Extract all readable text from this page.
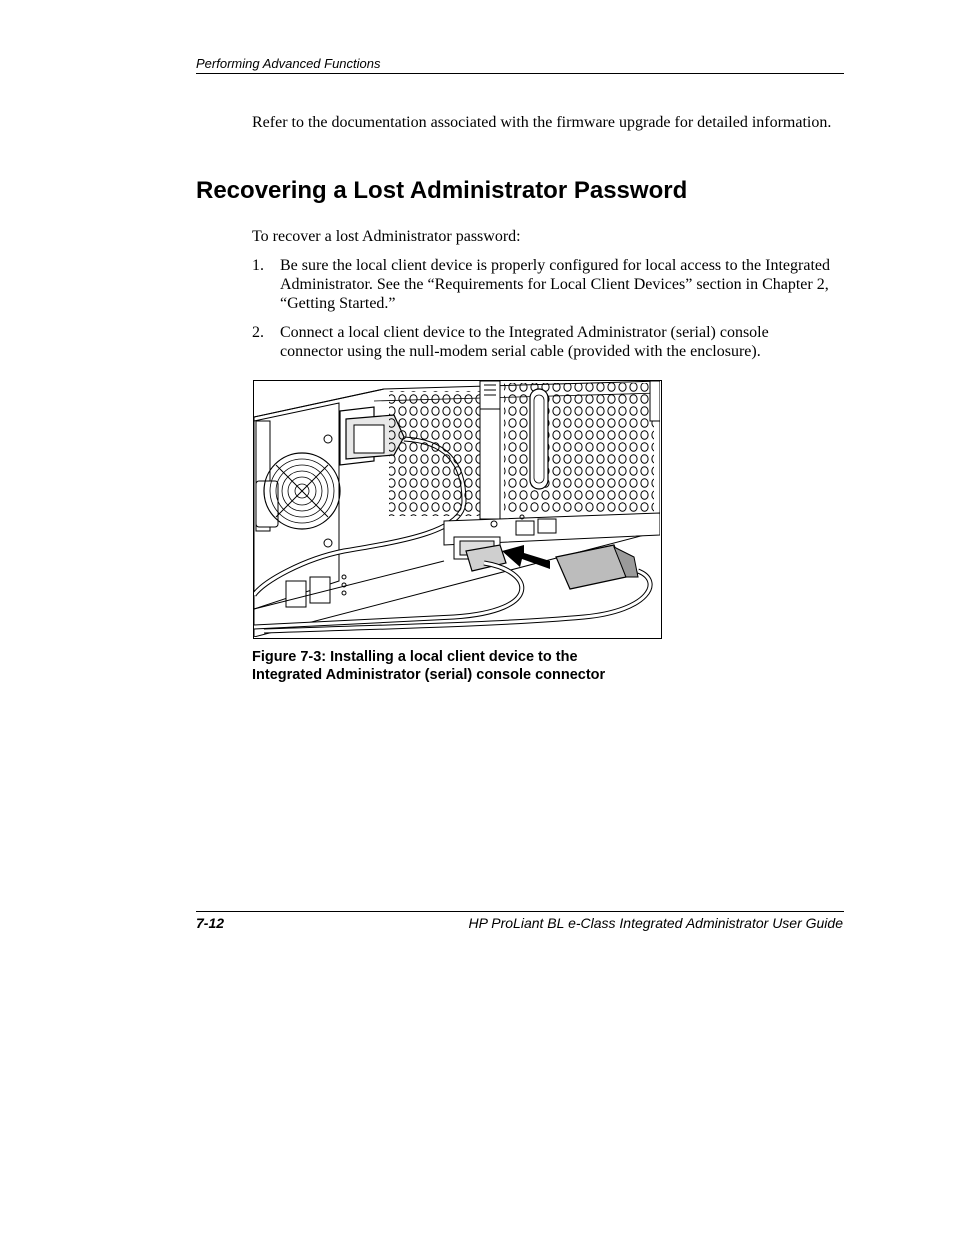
Performing Advanced Functions
Refer to the documentation associated with the firmware upgrade for detailed information.
Recovering a Lost Administrator Password
To recover a lost Administrator password:
1. Be sure the local client device is properly configured for local access to the Integrated Administrator. See the “Requirements for Local Client Devices” section in Chapter 2, “Getting Started.”
2. Connect a local client device to the Integrated Administrator (serial) console connector using the null-modem serial cable (provided with the enclosure).
Figure 7-3: Installing a local client device to the
Integrated Administrator (serial) console connector
7-12	HP ProLiant BL e-Class Integrated Administrator User Guide
